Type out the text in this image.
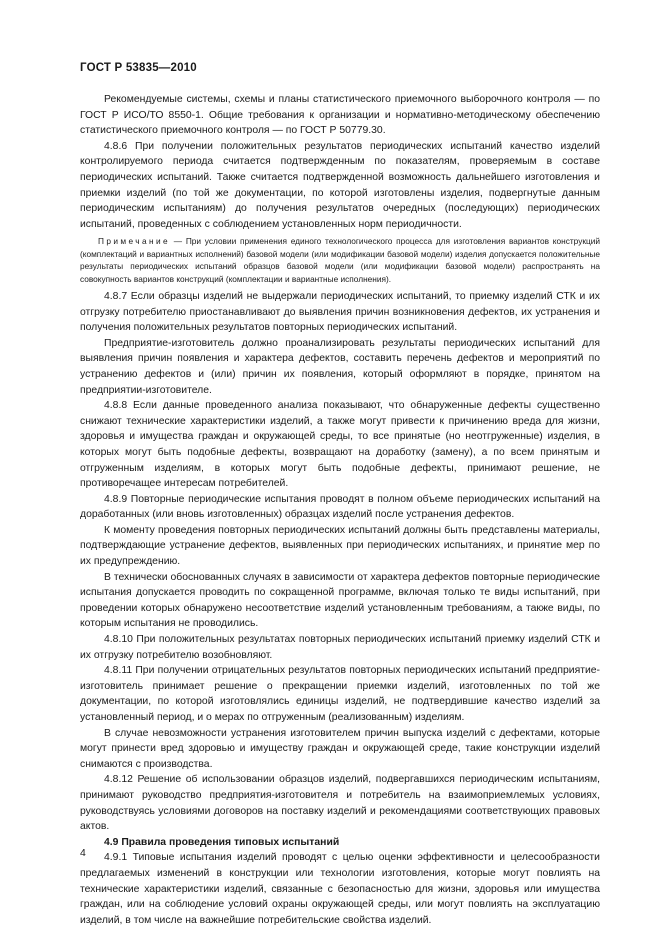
ГОСТ Р 53835—2010

Рекомендуемые системы, схемы и планы статистического приемочного выборочного контроля — по ГОСТ Р ИСО/ТО 8550-1. Общие требования к организации и нормативно-методическому обеспечению статистического приемочного контроля — по ГОСТ Р 50779.30.

4.8.6 При получении положительных результатов периодических испытаний качество изделий контролируемого периода считается подтвержденным по показателям, проверяемым в составе периодических испытаний. Также считается подтвержденной возможность дальнейшего изготовления и приемки изделий (по той же документации, по которой изготовлены изделия, подвергнутые данным периодическим испытаниям) до получения результатов очередных (последующих) периодических испытаний, проведенных с соблюдением установленных норм периодичности.

Примечание — При условии применения единого технологического процесса для изготовления вариантов конструкций (комплектаций и вариантных исполнений) базовой модели (или модификации базовой модели) изделия допускается положительные результаты периодических испытаний образцов базовой модели (или модификации базовой модели) распространять на совокупность вариантов конструкций (комплектации и вариантные исполнения).

4.8.7 Если образцы изделий не выдержали периодических испытаний, то приемку изделий СТК и их отгрузку потребителю приостанавливают до выявления причин возникновения дефектов, их устранения и получения положительных результатов повторных периодических испытаний.

Предприятие-изготовитель должно проанализировать результаты периодических испытаний для выявления причин появления и характера дефектов, составить перечень дефектов и мероприятий по устранению дефектов и (или) причин их появления, который оформляют в порядке, принятом на предприятии-изготовителе.

4.8.8 Если данные проведенного анализа показывают, что обнаруженные дефекты существенно снижают технические характеристики изделий, а также могут привести к причинению вреда для жизни, здоровья и имущества граждан и окружающей среды, то все принятые (но неотгруженные) изделия, в которых могут быть подобные дефекты, возвращают на доработку (замену), а по всем принятым и отгруженным изделиям, в которых могут быть подобные дефекты, принимают решение, не противоречащее интересам потребителей.

4.8.9 Повторные периодические испытания проводят в полном объеме периодических испытаний на доработанных (или вновь изготовленных) образцах изделий после устранения дефектов.

К моменту проведения повторных периодических испытаний должны быть представлены материалы, подтверждающие устранение дефектов, выявленных при периодических испытаниях, и принятие мер по их предупреждению.

В технически обоснованных случаях в зависимости от характера дефектов повторные периодические испытания допускается проводить по сокращенной программе, включая только те виды испытаний, при проведении которых обнаружено несоответствие изделий установленным требованиям, а также виды, по которым испытания не проводились.

4.8.10 При положительных результатах повторных периодических испытаний приемку изделий СТК и их отгрузку потребителю возобновляют.

4.8.11 При получении отрицательных результатов повторных периодических испытаний предприятие-изготовитель принимает решение о прекращении приемки изделий, изготовленных по той же документации, по которой изготовлялись единицы изделий, не подтвердившие качество изделий за установленный период, и о мерах по отгруженным (реализованным) изделиям.

В случае невозможности устранения изготовителем причин выпуска изделий с дефектами, которые могут принести вред здоровью и имуществу граждан и окружающей среде, такие конструкции изделий снимаются с производства.

4.8.12 Решение об использовании образцов изделий, подвергавшихся периодическим испытаниям, принимают руководство предприятия-изготовителя и потребитель на взаимоприемлемых условиях, руководствуясь условиями договоров на поставку изделий и рекомендациями соответствующих правовых актов.

4.9 Правила проведения типовых испытаний

4.9.1 Типовые испытания изделий проводят с целью оценки эффективности и целесообразности предлагаемых изменений в конструкции или технологии изготовления, которые могут повлиять на технические характеристики изделий, связанные с безопасностью для жизни, здоровья или имущества граждан, или на соблюдение условий охраны окружающей среды, или могут повлиять на эксплуатацию изделий, в том числе на важнейшие потребительские свойства изделий.

4
